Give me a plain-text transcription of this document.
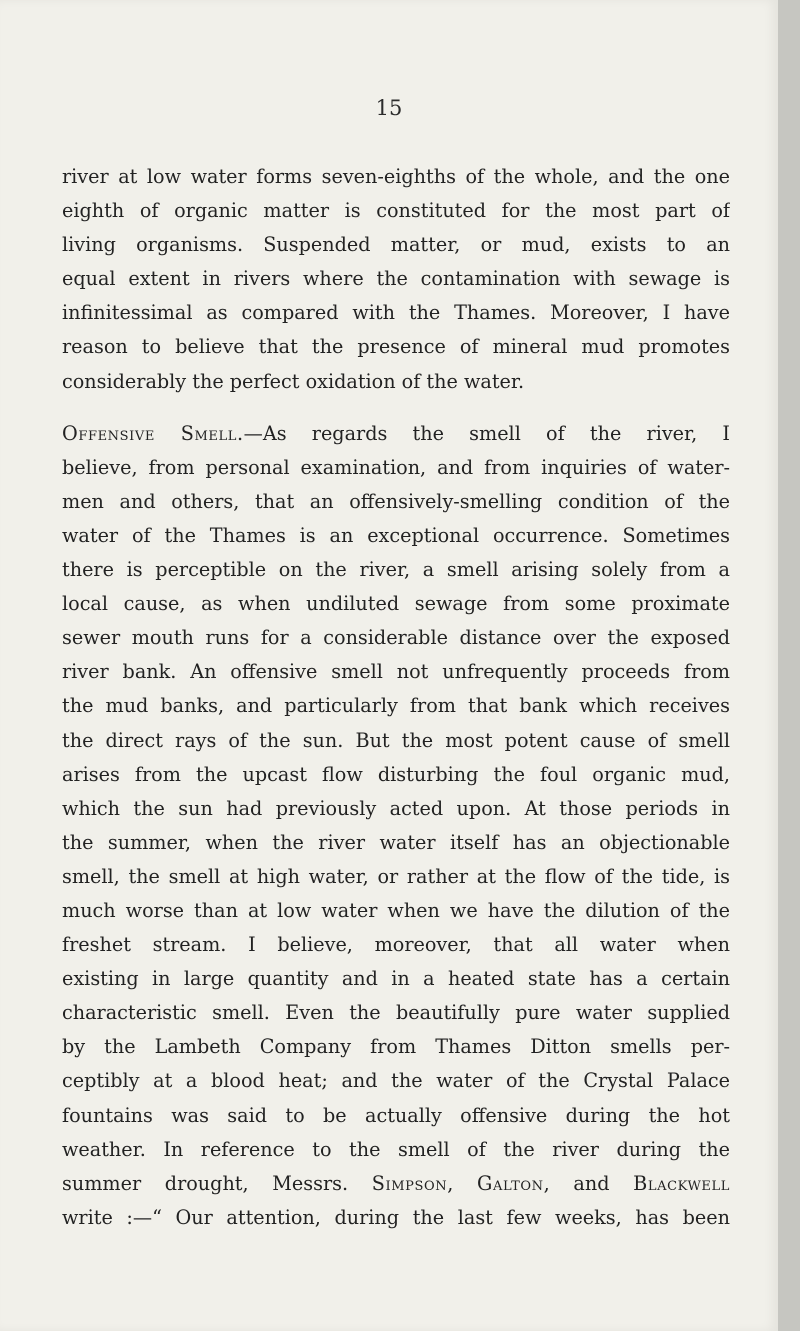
15
river at low water forms seven-eighths of the whole, and the one
eighth of organic matter is constituted for the most part of
living organisms. Suspended matter, or mud, exists to an
equal extent in rivers where the contamination with sewage is
infinitessimal as compared with the Thames. Moreover, I have
reason to believe that the presence of mineral mud promotes
considerably the perfect oxidation of the water.
Offensive Smell.—As regards the smell of the river, I
believe, from personal examination, and from inquiries of water-
men and others, that an offensively-smelling condition of the
water of the Thames is an exceptional occurrence. Sometimes
there is perceptible on the river, a smell arising solely from a
local cause, as when undiluted sewage from some proximate
sewer mouth runs for a considerable distance over the exposed
river bank. An offensive smell not unfrequently proceeds from
the mud banks, and particularly from that bank which receives
the direct rays of the sun. But the most potent cause of smell
arises from the upcast flow disturbing the foul organic mud,
which the sun had previously acted upon. At those periods in
the summer, when the river water itself has an objectionable
smell, the smell at high water, or rather at the flow of the tide, is
much worse than at low water when we have the dilution of the
freshet stream. I believe, moreover, that all water when
existing in large quantity and in a heated state has a certain
characteristic smell. Even the beautifully pure water supplied
by the Lambeth Company from Thames Ditton smells per-
ceptibly at a blood heat; and the water of the Crystal Palace
fountains was said to be actually offensive during the hot
weather. In reference to the smell of the river during the
summer drought, Messrs. Simpson, Galton, and Blackwell
write :—“ Our attention, during the last few weeks, has been
